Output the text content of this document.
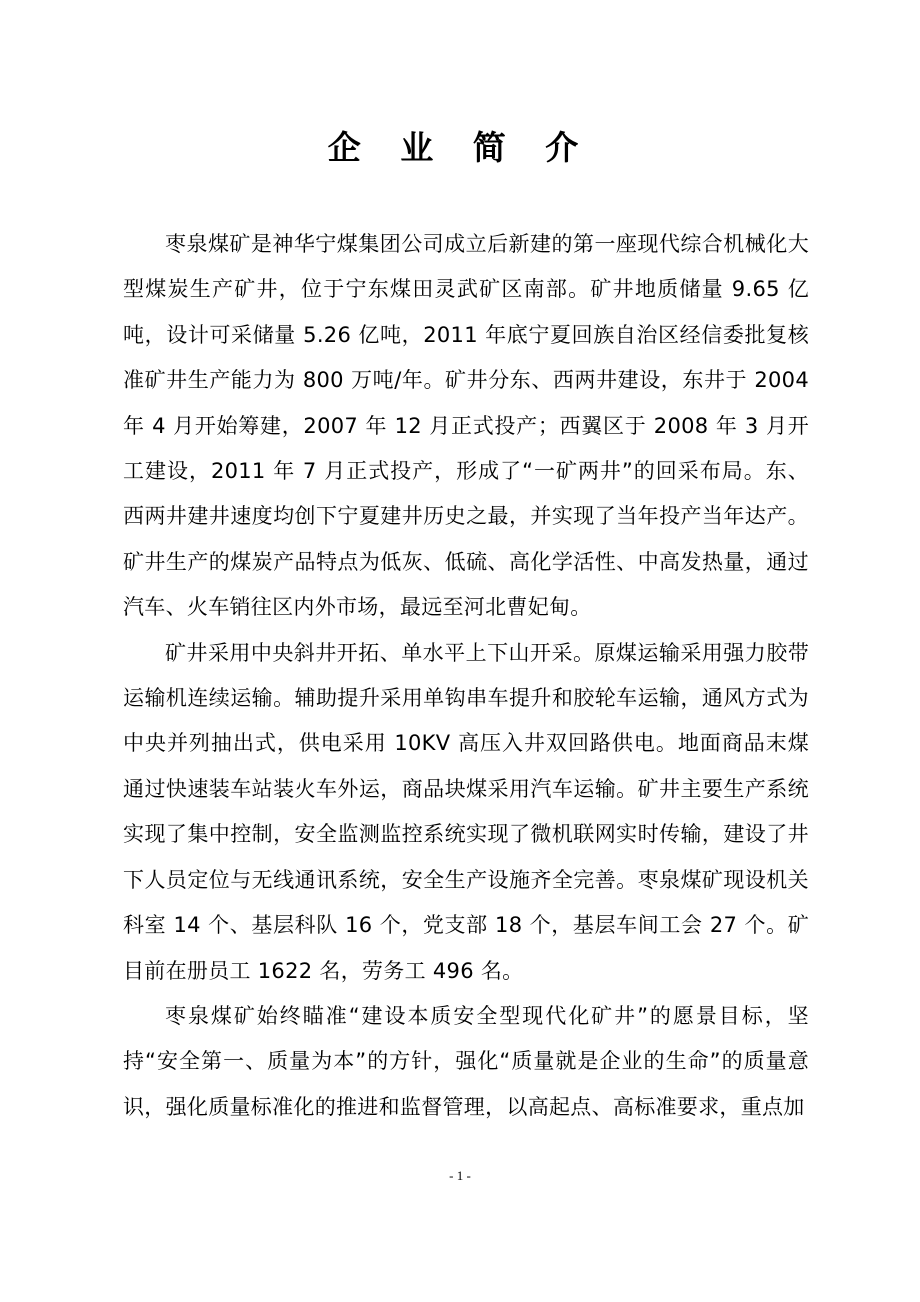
企 业 简 介

枣泉煤矿是神华宁煤集团公司成立后新建的第一座现代综合机械化大型煤炭生产矿井，位于宁东煤田灵武矿区南部。矿井地质储量 9.65 亿吨，设计可采储量 5.26 亿吨，2011 年底宁夏回族自治区经信委批复核准矿井生产能力为 800 万吨/年。矿井分东、西两井建设，东井于 2004 年 4 月开始筹建，2007 年 12 月正式投产；西翼区于 2008 年 3 月开工建设，2011 年 7 月正式投产，形成了“一矿两井”的回采布局。东、西两井建井速度均创下宁夏建井历史之最，并实现了当年投产当年达产。矿井生产的煤炭产品特点为低灰、低硫、高化学活性、中高发热量，通过汽车、火车销往区内外市场，最远至河北曹妃甸。

矿井采用中央斜井开拓、单水平上下山开采。原煤运输采用强力胶带运输机连续运输。辅助提升采用单钩串车提升和胶轮车运输，通风方式为中央并列抽出式，供电采用 10KV 高压入井双回路供电。地面商品末煤通过快速装车站装火车外运，商品块煤采用汽车运输。矿井主要生产系统实现了集中控制，安全监测监控系统实现了微机联网实时传输，建设了井下人员定位与无线通讯系统，安全生产设施齐全完善。枣泉煤矿现设机关科室 14 个、基层科队 16 个，党支部 18 个，基层车间工会 27 个。矿目前在册员工 1622 名，劳务工 496 名。

枣泉煤矿始终瞄准“建设本质安全型现代化矿井”的愿景目标，坚持“安全第一、质量为本”的方针，强化“质量就是企业的生命”的质量意识，强化质量标准化的推进和监督管理，以高起点、高标准要求，重点加

- 1 -
